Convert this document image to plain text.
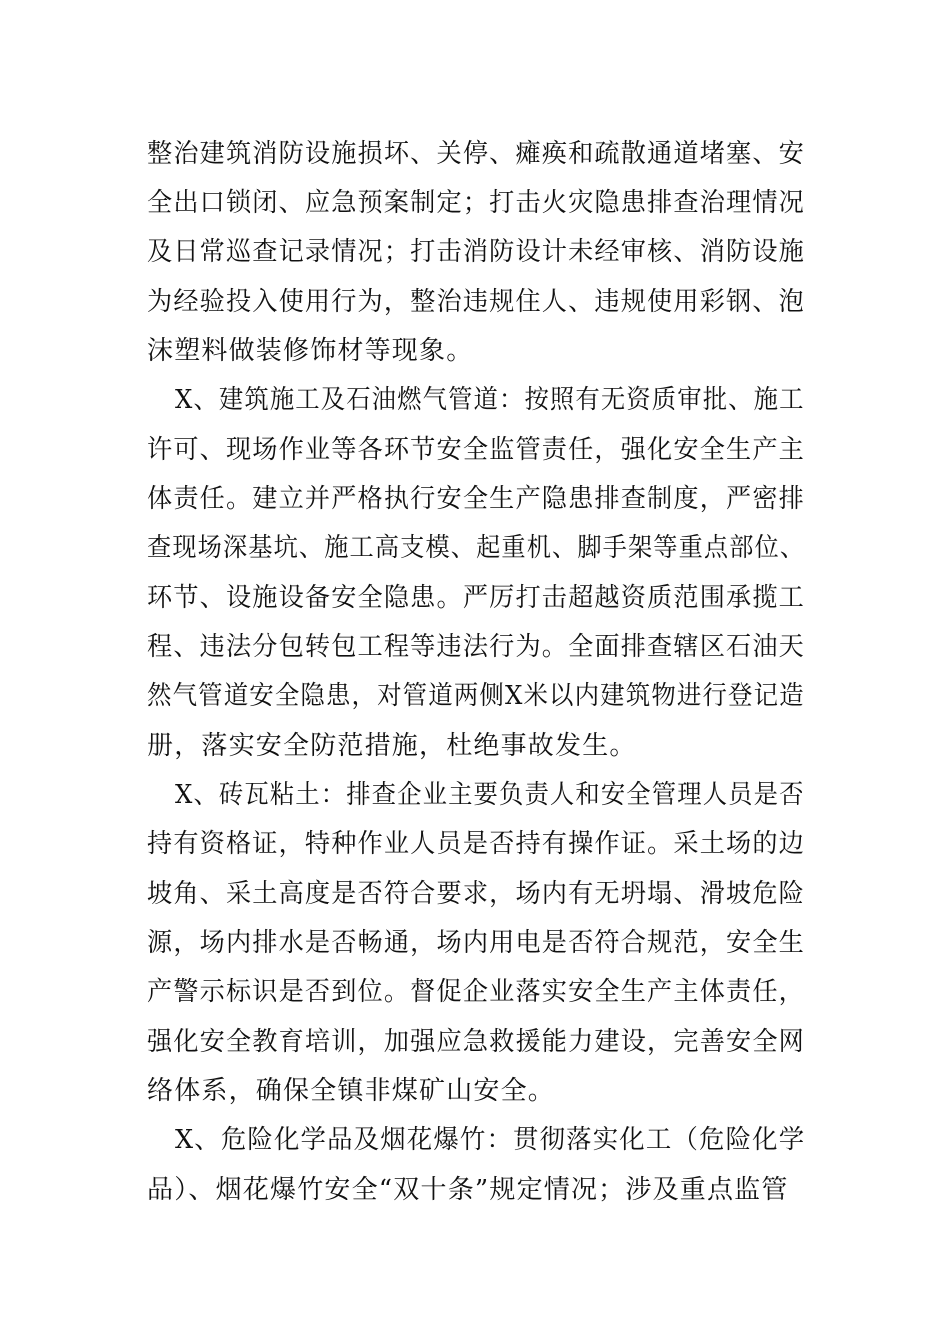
整治建筑消防设施损坏、关停、瘫痪和疏散通道堵塞、安
全出口锁闭、应急预案制定；打击火灾隐患排查治理情况
及日常巡查记录情况；打击消防设计未经审核、消防设施
为经验投入使用行为，整治违规住人、违规使用彩钢、泡
沫塑料做装修饰材等现象。
X、建筑施工及石油燃气管道：按照有无资质审批、施工
许可、现场作业等各环节安全监管责任，强化安全生产主
体责任。建立并严格执行安全生产隐患排查制度，严密排
查现场深基坑、施工高支模、起重机、脚手架等重点部位、
环节、设施设备安全隐患。严厉打击超越资质范围承揽工
程、违法分包转包工程等违法行为。全面排查辖区石油天
然气管道安全隐患，对管道两侧X米以内建筑物进行登记造
册，落实安全防范措施，杜绝事故发生。
X、砖瓦粘土：排查企业主要负责人和安全管理人员是否
持有资格证，特种作业人员是否持有操作证。采土场的边
坡角、采土高度是否符合要求，场内有无坍塌、滑坡危险
源，场内排水是否畅通，场内用电是否符合规范，安全生
产警示标识是否到位。督促企业落实安全生产主体责任，
强化安全教育培训，加强应急救援能力建设，完善安全网
络体系，确保全镇非煤矿山安全。
X、危险化学品及烟花爆竹：贯彻落实化工（危险化学
品）、烟花爆竹安全“双十条”规定情况；涉及重点监管
